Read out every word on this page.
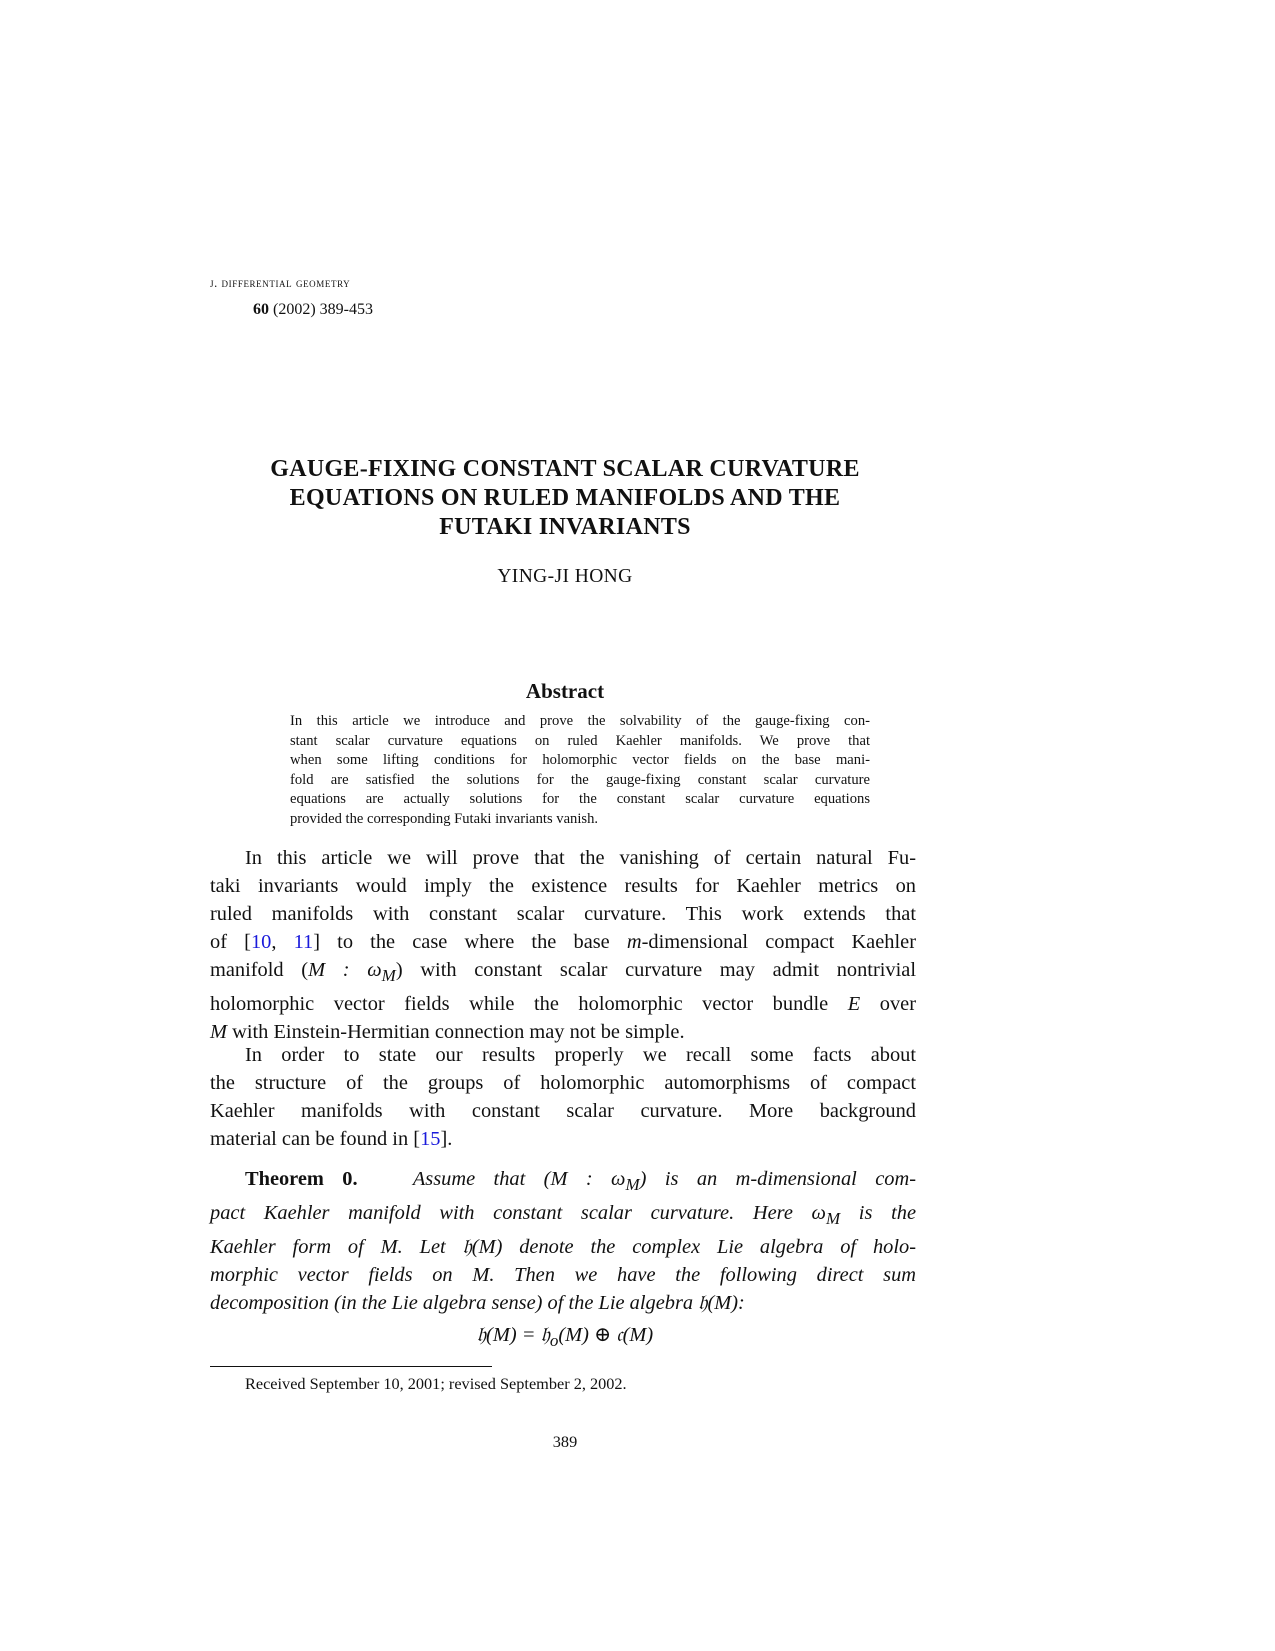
j. differential geometry
60 (2002) 389-453
GAUGE-FIXING CONSTANT SCALAR CURVATURE
EQUATIONS ON RULED MANIFOLDS AND THE
FUTAKI INVARIANTS
YING-JI HONG
Abstract
In this article we introduce and prove the solvability of the gauge-fixing con-
stant scalar curvature equations on ruled Kaehler manifolds. We prove that
when some lifting conditions for holomorphic vector fields on the base mani-
fold are satisfied the solutions for the gauge-fixing constant scalar curvature
equations are actually solutions for the constant scalar curvature equations
provided the corresponding Futaki invariants vanish.
In this article we will prove that the vanishing of certain natural Fu-
taki invariants would imply the existence results for Kaehler metrics on
ruled manifolds with constant scalar curvature. This work extends that
of [10, 11] to the case where the base m-dimensional compact Kaehler
manifold (M : $\omega_M$) with constant scalar curvature may admit nontrivial
holomorphic vector fields while the holomorphic vector bundle E over
M with Einstein-Hermitian connection may not be simple.
In order to state our results properly we recall some facts about
the structure of the groups of holomorphic automorphisms of compact
Kaehler manifolds with constant scalar curvature. More background
material can be found in [15].
Theorem 0.	Assume that (M : $\omega_M$) is an m-dimensional com-
pact Kaehler manifold with constant scalar curvature. Here $\omega_M$ is the
Kaehler form of M. Let 𝔥(M) denote the complex Lie algebra of holo-
morphic vector fields on M. Then we have the following direct sum
decomposition (in the Lie algebra sense) of the Lie algebra 𝔥(M):
𝔥(M) = 𝔥$_o$(M) ⊕ 𝔠(M)
Received September 10, 2001; revised September 2, 2002.
389
